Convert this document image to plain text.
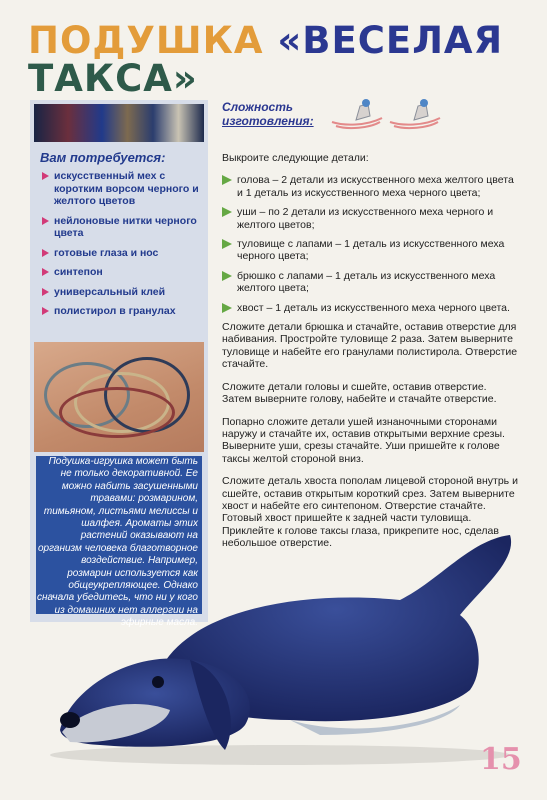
ПОДУШКА «ВЕСЕЛАЯ
ТАКСА»
Вам потребуется:
искусственный мех с коротким ворсом черного и желтого цветов
нейлоновые нитки черного цвета
готовые глаза и нос
синтепон
универсальный клей
полистирол в гранулах

Подушка-игрушка может быть не только декоративной. Ее можно набить засушенными травами: розмарином, тимьяном, листьями мелиссы и шалфея. Ароматы этих растений оказывают на организм человека благотворное воздействие. Например, розмарин используется как общеукрепляющее. Однако сначала убедитесь, что ни у кого из домашних нет аллергии на эфирные масла.

Сложность
изготовления:

Выкроите следующие детали:

голова – 2 детали из искусственного меха желтого цвета и 1 деталь из искусственного меха черного цвета;
уши – по 2 детали из искусственного меха черного и желтого цветов;
туловище с лапами – 1 деталь из искусственного меха черного цвета;
брюшко с лапами – 1 деталь из искусственного меха желтого цвета;
хвост – 1 деталь из искусственного меха черного цвета.

Сложите детали брюшка и стачайте, оставив отверстие для набивания. Простройте туловище 2 раза. Затем выверните туловище и набейте его гранулами полистирола. Отверстие стачайте.

Сложите детали головы и сшейте, оставив отверстие. Затем выверните голову, набейте и стачайте отверстие.

Попарно сложите детали ушей изнаночными сторонами наружу и стачайте их, оставив открытыми верхние срезы. Выверните уши, срезы стачайте. Уши пришейте к голове таксы желтой стороной вниз.

Сложите деталь хвоста пополам лицевой стороной внутрь и сшейте, оставив открытым короткий срез. Затем выверните хвост и набейте его синтепоном. Отверстие стачайте. Готовый хвост пришейте к задней части туловища. Приклейте к голове таксы глаза, прикрепите нос, сделав небольшое отверстие.

15
